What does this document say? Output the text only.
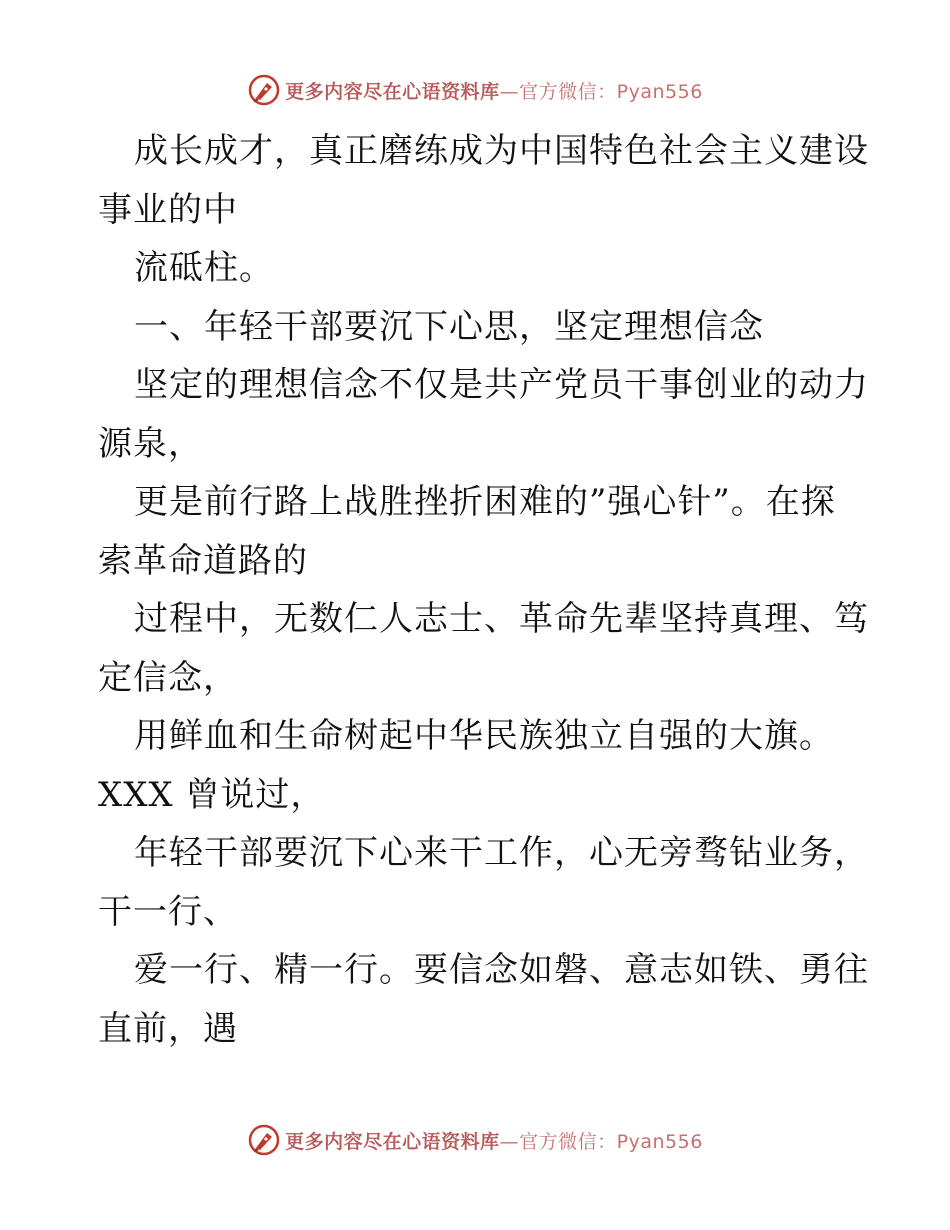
更多内容尽在心语资料库—官方微信：Pyan556
成长成才，真正磨练成为中国特色社会主义建设
事业的中
流砥柱。
一、年轻干部要沉下心思，坚定理想信念
坚定的理想信念不仅是共产党员干事创业的动力
源泉，
更是前行路上战胜挫折困难的”强心针”。在探
索革命道路的
过程中，无数仁人志士、革命先辈坚持真理、笃
定信念，
用鲜血和生命树起中华民族独立自强的大旗。
XXX 曾说过，
年轻干部要沉下心来干工作，心无旁骛钻业务，
干一行、
爱一行、精一行。要信念如磐、意志如铁、勇往
直前，遇
更多内容尽在心语资料库—官方微信：Pyan556
